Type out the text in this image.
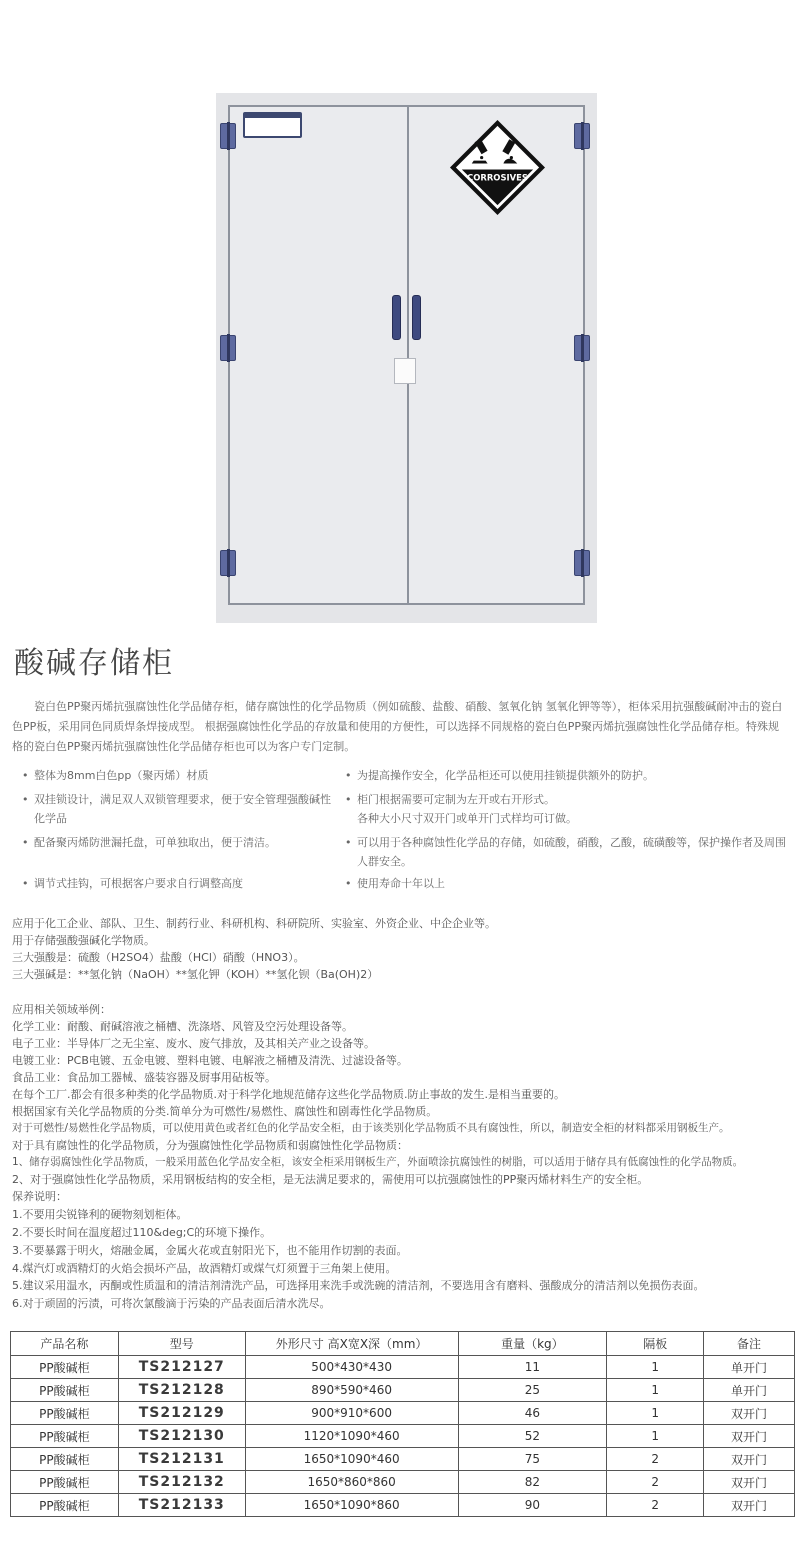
CORROSIVES
酸碱存储柜

瓷白色PP聚丙烯抗强腐蚀性化学品储存柜，储存腐蚀性的化学品物质（例如硫酸、盐酸、硝酸、氢氧化钠 氢氧化钾等等），柜体采用抗强酸碱耐冲击的瓷白色PP板，采用同色同质焊条焊接成型。 根据强腐蚀性化学品的存放量和使用的方便性，可以选择不同规格的瓷白色PP聚丙烯抗强腐蚀性化学品储存柜。特殊规格的瓷白色PP聚丙烯抗强腐蚀性化学品储存柜也可以为客户专门定制。

• 整体为8mm白色pp（聚丙烯）材质
• 双挂锁设计，满足双人双锁管理要求，便于安全管理强酸碱性化学品
• 配备聚丙烯防泄漏托盘，可单独取出，便于清洁。
• 调节式挂钩，可根据客户要求自行调整高度
• 为提高操作安全，化学品柜还可以使用挂锁提供额外的防护。
• 柜门根据需要可定制为左开或右开形式。
各种大小尺寸双开门或单开门式样均可订做。
• 可以用于各种腐蚀性化学品的存储，如硫酸，硝酸，乙酸，硫磺酸等，保护操作者及周围人群安全。
• 使用寿命十年以上
应用于化工企业、部队、卫生、制药行业、科研机构、科研院所、实验室、外资企业、中企企业等。
用于存储强酸强碱化学物质。
三大强酸是：硫酸（H2SO4）盐酸（HCl）硝酸（HNO3）。
三大强碱是：**氢化钠（NaOH）**氢化钾（KOH）**氢化钡（Ba(OH)2）
应用相关领域举例：
化学工业：耐酸、耐碱溶液之桶槽、洗涤塔、风管及空污处理设备等。
电子工业：半导体厂之无尘室、废水、废气排放，及其相关产业之设备等。
电镀工业：PCB电镀、五金电镀、塑料电镀、电解液之桶槽及清洗、过滤设备等。
食品工业：食品加工器械、盛装容器及厨事用砧板等。
在每个工厂.都会有很多种类的化学品物质.对于科学化地规范储存这些化学品物质.防止事故的发生.是相当重要的。
根据国家有关化学品物质的分类.简单分为可燃性/易燃性、腐蚀性和剧毒性化学品物质。
对于可燃性/易燃性化学品物质，可以使用黄色或者红色的化学品安全柜，由于该类别化学品物质不具有腐蚀性，所以，制造安全柜的材料都采用钢板生产。
对于具有腐蚀性的化学品物质，分为强腐蚀性化学品物质和弱腐蚀性化学品物质：
1、储存弱腐蚀性化学品物质，一般采用蓝色化学品安全柜，该安全柜采用钢板生产，外面喷涂抗腐蚀性的树脂，可以适用于储存具有低腐蚀性的化学品物质。
2、对于强腐蚀性化学品物质，采用钢板结构的安全柜，是无法满足要求的，需使用可以抗强腐蚀性的PP聚丙烯材料生产的安全柜。
保养说明：
1.不要用尖锐锋利的硬物刻划柜体。
2.不要长时间在温度超过110&deg;C的环境下操作。
3.不要暴露于明火，熔融金属，金属火花或直射阳光下，也不能用作切割的表面。
4.煤汽灯或酒精灯的火焰会损坏产品，故酒精灯或煤气灯须置于三角架上使用。
5.建议采用温水，丙酮或性质温和的清洁剂清洗产品，可选择用来洗手或洗碗的清洁剂，不要选用含有磨料、强酸成分的清洁剂以免损伤表面。
6.对于顽固的污渍，可将次氯酸滴于污染的产品表面后清水洗尽。
产品名称	型号	外形尺寸 高X宽X深（mm）	重量（kg）	隔板	备注
PP酸碱柜	TS212127	500*430*430	11	1	单开门
PP酸碱柜	TS212128	890*590*460	25	1	单开门
PP酸碱柜	TS212129	900*910*600	46	1	双开门
PP酸碱柜	TS212130	1120*1090*460	52	1	双开门
PP酸碱柜	TS212131	1650*1090*460	75	2	双开门
PP酸碱柜	TS212132	1650*860*860	82	2	双开门
PP酸碱柜	TS212133	1650*1090*860	90	2	双开门
